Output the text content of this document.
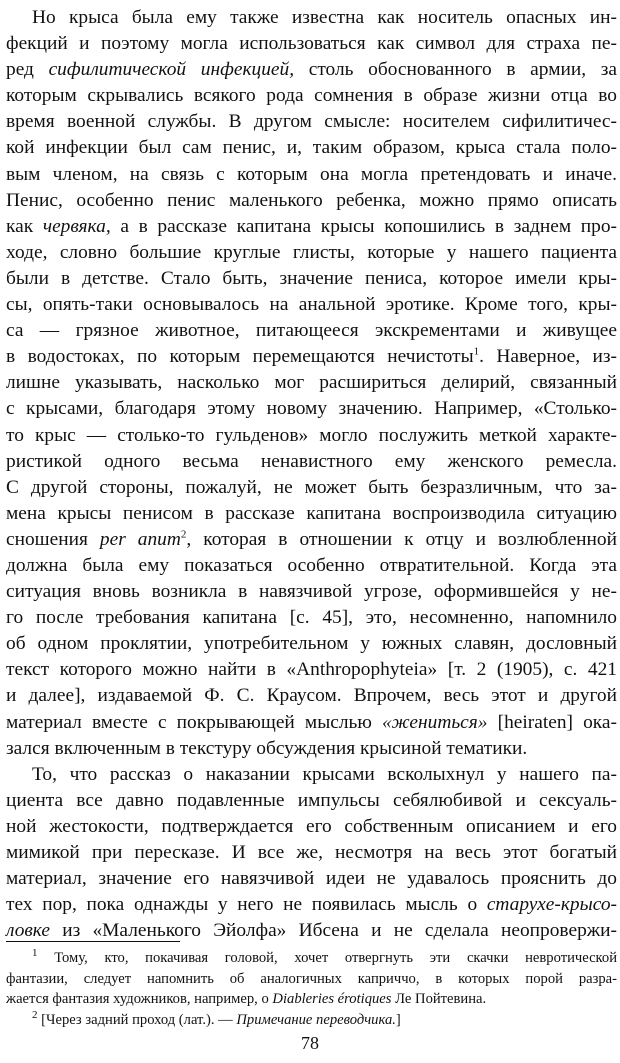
Но крыса была ему также известна как носитель опасных ин-
фекций и поэтому могла использоваться как символ для страха пе-
ред сифилитической инфекцией, столь обоснованного в армии, за
которым скрывались всякого рода сомнения в образе жизни отца во
время военной службы. В другом смысле: носителем сифилитичес-
кой инфекции был сам пенис, и, таким образом, крыса стала поло-
вым членом, на связь с которым она могла претендовать и иначе.
Пенис, особенно пенис маленького ребенка, можно прямо описать
как червяка, а в рассказе капитана крысы копошились в заднем про-
ходе, словно большие круглые глисты, которые у нашего пациента
были в детстве. Стало быть, значение пениса, которое имели кры-
сы, опять-таки основывалось на анальной эротике. Кроме того, кры-
са — грязное животное, питающееся экскрементами и живущее
в водостоках, по которым перемещаются нечистоты$^1$. Наверное, из-
лишне указывать, насколько мог расшириться делирий, связанный
с крысами, благодаря этому новому значению. Например, «Столько-
то крыс — столько-то гульденов» могло послужить меткой характе-
ристикой одного весьма ненавистного ему женского ремесла.
С другой стороны, пожалуй, не может быть безразличным, что за-
мена крысы пенисом в рассказе капитана воспроизводила ситуацию
сношения per anum$^2$, которая в отношении к отцу и возлюбленной
должна была ему показаться особенно отвратительной. Когда эта
ситуация вновь возникла в навязчивой угрозе, оформившейся у не-
го после требования капитана [с. 45], это, несомненно, напомнило
об одном проклятии, употребительном у южных славян, дословный
текст которого можно найти в «Anthropophyteia» [т. 2 (1905), с. 421
и далее], издаваемой Ф. С. Краусом. Впрочем, весь этот и другой
материал вместе с покрывающей мыслью «жениться» [heiraten] ока-
зался включенным в текстуру обсуждения крысиной тематики.
То, что рассказ о наказании крысами всколыхнул у нашего па-
циента все давно подавленные импульсы себялюбивой и сексуаль-
ной жестокости, подтверждается его собственным описанием и его
мимикой при пересказе. И все же, несмотря на весь этот богатый
материал, значение его навязчивой идеи не удавалось прояснить до
тех пор, пока однажды у него не появилась мысль о старухе-крысо-
ловке из «Маленького Эйолфа» Ибсена и не сделала неопровержи-
$^1$ Тому, кто, покачивая головой, хочет отвергнуть эти скачки невротической
фантазии, следует напомнить об аналогичных каприччо, в которых порой разра-
жается фантазия художников, например, о Diableries érotiques Ле Пойтевина.
$^2$ [Через задний проход (лат.). — Примечание переводчика.]
78
